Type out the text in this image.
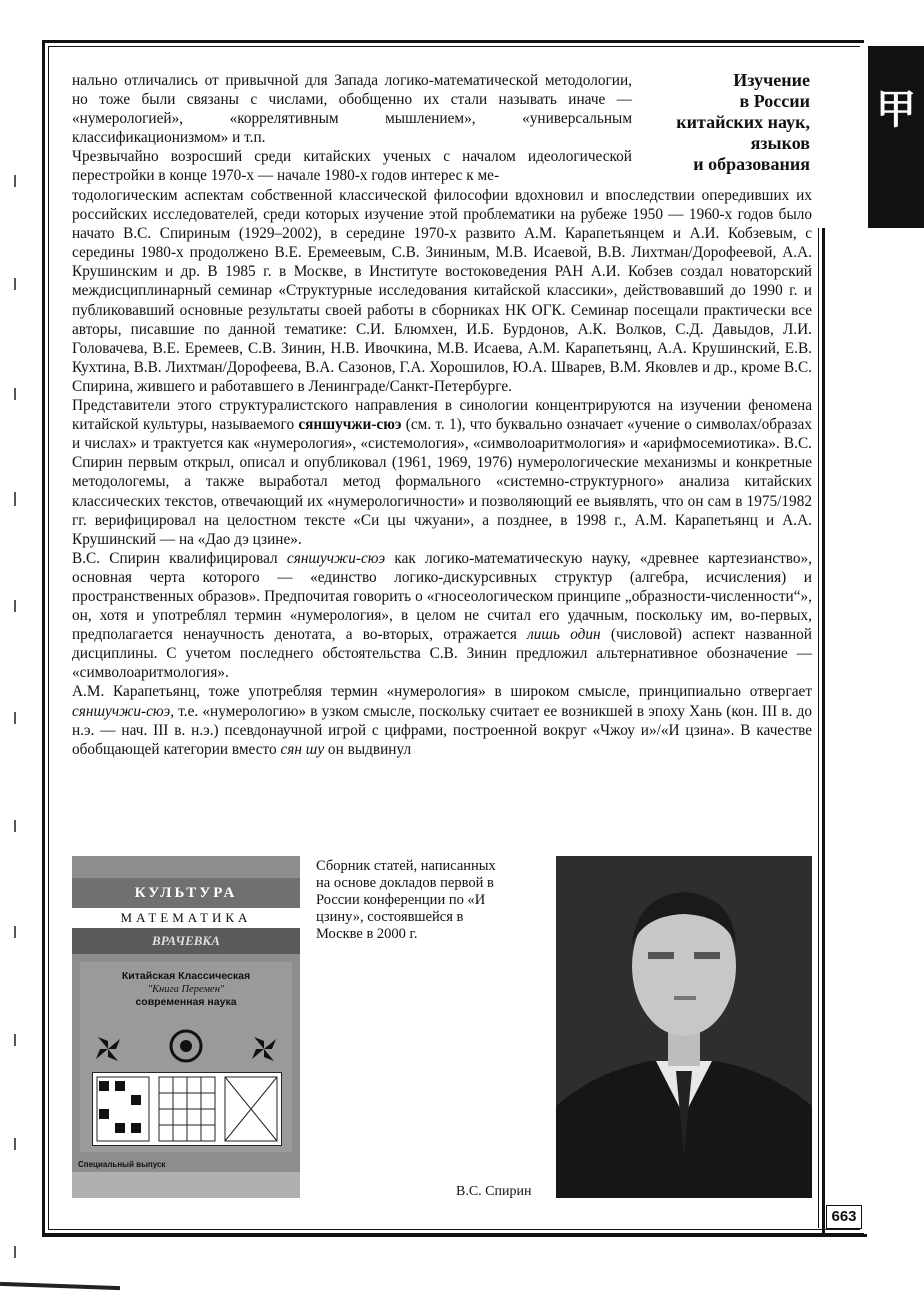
甲
Изучение
в России
китайских наук,
языков
и образования

нально отличались от привычной для Запада логико-математической методологии, но тоже были связаны с числами, обобщенно их стали называть иначе — «нумерологией», «коррелятивным мышлением», «универсальным классификационизмом» и т.п.

Чрезвычайно возросший среди китайских ученых с началом идеологической перестройки в конце 1970-х — начале 1980-х годов интерес к ме-

тодологическим аспектам собственной классической философии вдохновил и впоследствии опередивших их российских исследователей, среди которых изучение этой проблематики на рубеже 1950 — 1960-х годов было начато В.С. Спириным (1929–2002), в середине 1970-х развито А.М. Карапетьянцем и А.И. Кобзевым, с середины 1980-х продолжено В.Е. Еремеевым, С.В. Зининым, М.В. Исаевой, В.В. Лихтман/Дорофеевой, А.А. Крушинским и др. В 1985 г. в Москве, в Институте востоковедения РАН А.И. Кобзев создал новаторский междисциплинарный семинар «Структурные исследования китайской классики», действовавший до 1990 г. и публиковавший основные результаты своей работы в сборниках НК ОГК. Семинар посещали практически все авторы, писавшие по данной тематике: С.И. Блюмхен, И.Б. Бурдонов, А.К. Волков, С.Д. Давыдов, Л.И. Головачева, В.Е. Еремеев, С.В. Зинин, Н.В. Ивочкина, М.В. Исаева, А.М. Карапетьянц, А.А. Крушинский, Е.В. Кухтина, В.В. Лихтман/Дорофеева, В.А. Сазонов, Г.А. Хорошилов, Ю.А. Шварев, В.М. Яковлев и др., кроме В.С. Спирина, жившего и работавшего в Ленинграде/Санкт-Петербурге.

Представители этого структуралистского направления в синологии концентрируются на изучении феномена китайской культуры, называемого сяншучжи-сюэ (см. т. 1), что буквально означает «учение о символах/образах и числах» и трактуется как «нумерология», «системология», «символоаритмология» и «арифмосемиотика». В.С. Спирин первым открыл, описал и опубликовал (1961, 1969, 1976) нумерологические механизмы и конкретные методологемы, а также выработал метод формального «системно-структурного» анализа китайских классических текстов, отвечающий их «нумерологичности» и позволяющий ее выявлять, что он сам в 1975/1982 гг. верифицировал на целостном тексте «Си цы чжуани», а позднее, в 1998 г., А.М. Карапетьянц и А.А. Крушинский — на «Дао дэ цзине».

В.С. Спирин квалифицировал сяншучжи-сюэ как логико-математическую науку, «древнее картезианство», основная черта которого — «единство логико-дискурсивных структур (алгебра, исчисления) и пространственных образов». Предпочитая говорить о «гносеологическом принципе „образности-численности“», он, хотя и употреблял термин «нумерология», в целом не считал его удачным, поскольку им, во-первых, предполагается ненаучность денотата, а во-вторых, отражается лишь один (числовой) аспект названной дисциплины. С учетом последнего обстоятельства С.В. Зинин предложил альтернативное обозначение — «символоаритмология».

А.М. Карапетьянц, тоже употребляя термин «нумерология» в широком смысле, принципиально отвергает сяншучжи-сюэ, т.е. «нумерологию» в узком смысле, поскольку считает ее возникшей в эпоху Хань (кон. III в. до н.э. — нач. III в. н.э.) псевдонаучной игрой с цифрами, построенной вокруг «Чжоу и»/«И цзина». В качестве обобщающей категории вместо сян шу он выдвинул

КУЛЬТУРА
МАТЕМАТИКА
ВРАЧЕВКА
Китайская Классическая
"Книга Перемен"
современная наука
Специальный выпуск
Сборник статей, написанных на основе докладов первой в России конференции по «И цзину», состоявшейся в Москве в 2000 г.
В.С. Спирин
663
